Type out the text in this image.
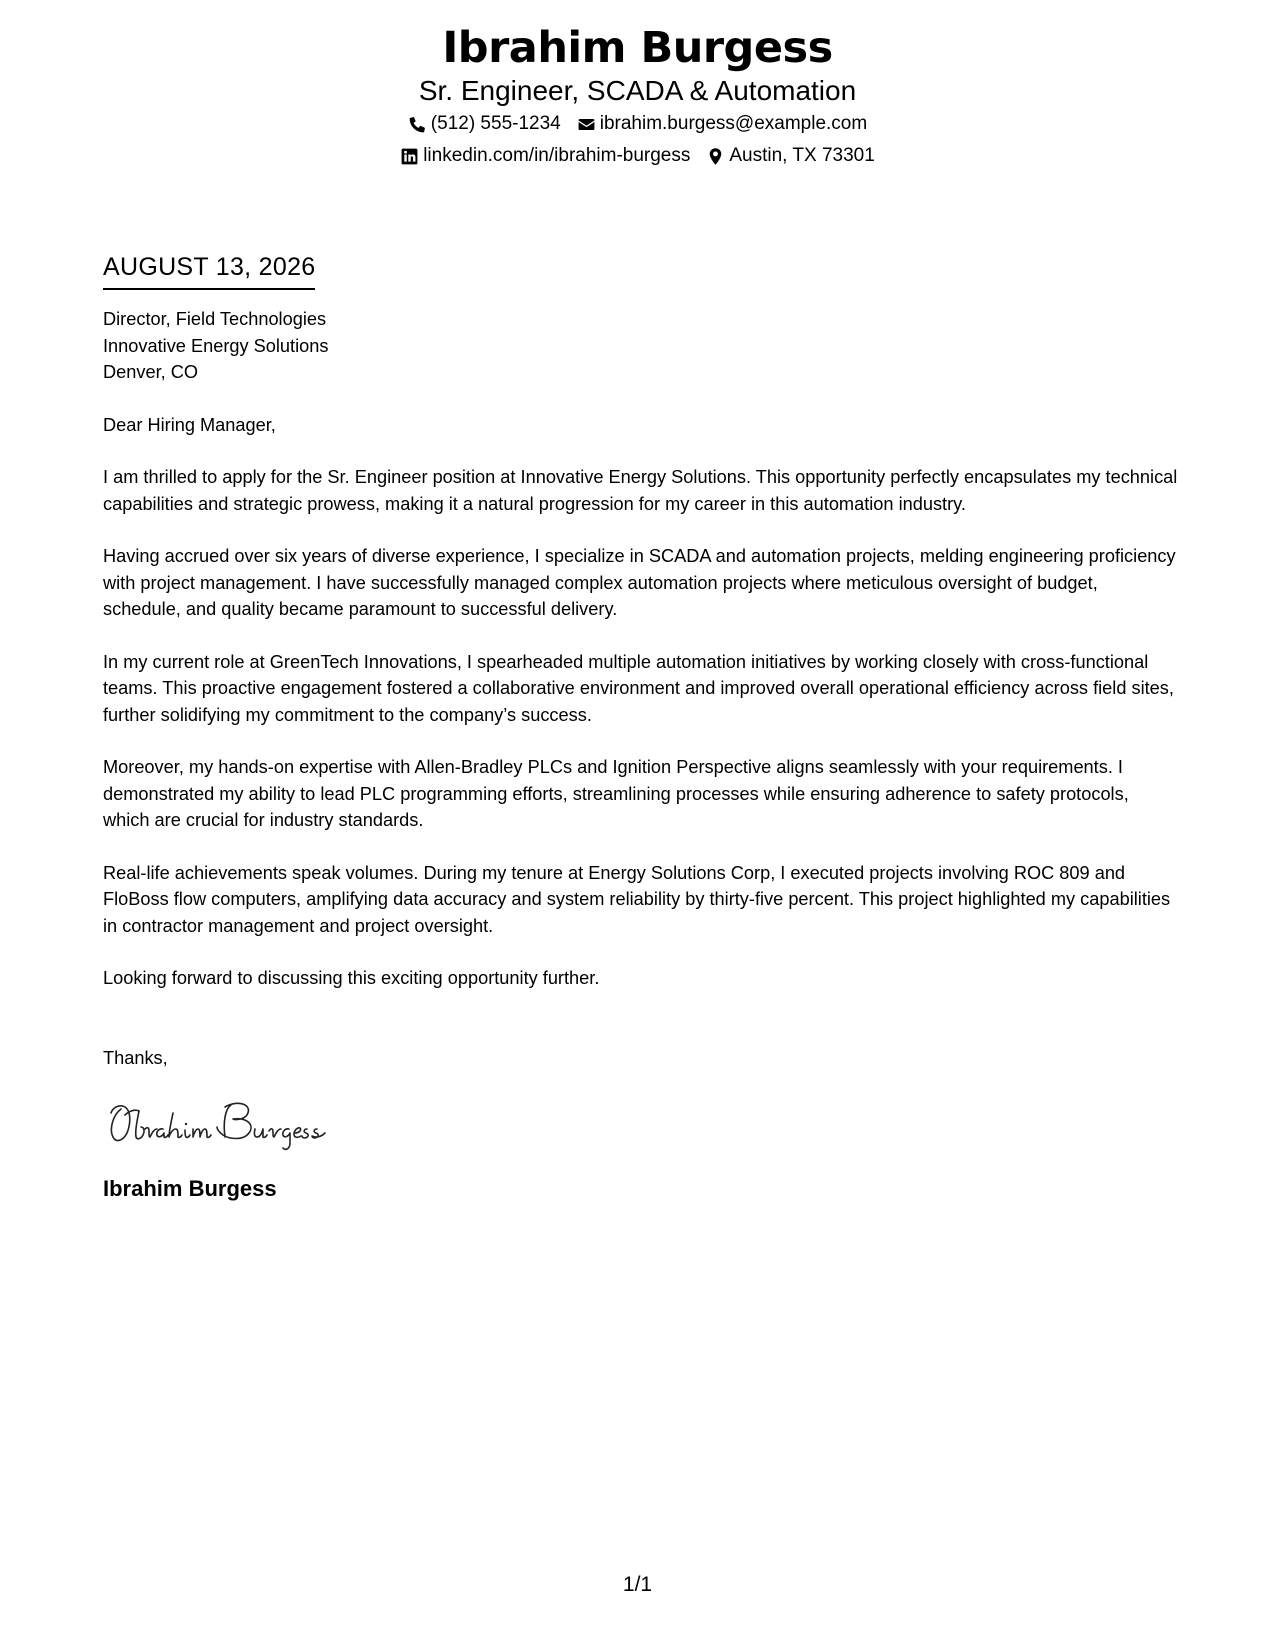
Ibrahim Burgess
Sr. Engineer, SCADA & Automation
(512) 555-1234 ibrahim.burgess@example.com
linkedin.com/in/ibrahim-burgess Austin, TX 73301
AUGUST 13, 2026
Director, Field Technologies
Innovative Energy Solutions
Denver, CO
Dear Hiring Manager,
I am thrilled to apply for the Sr. Engineer position at Innovative Energy Solutions. This opportunity perfectly encapsulates my technical capabilities and strategic prowess, making it a natural progression for my career in this automation industry.
Having accrued over six years of diverse experience, I specialize in SCADA and automation projects, melding engineering proficiency with project management. I have successfully managed complex automation projects where meticulous oversight of budget, schedule, and quality became paramount to successful delivery.
In my current role at GreenTech Innovations, I spearheaded multiple automation initiatives by working closely with cross-functional teams. This proactive engagement fostered a collaborative environment and improved overall operational efficiency across field sites, further solidifying my commitment to the company’s success.
Moreover, my hands-on expertise with Allen-Bradley PLCs and Ignition Perspective aligns seamlessly with your requirements. I demonstrated my ability to lead PLC programming efforts, streamlining processes while ensuring adherence to safety protocols, which are crucial for industry standards.
Real-life achievements speak volumes. During my tenure at Energy Solutions Corp, I executed projects involving ROC 809 and FloBoss flow computers, amplifying data accuracy and system reliability by thirty-five percent. This project highlighted my capabilities in contractor management and project oversight.
Looking forward to discussing this exciting opportunity further.
Thanks,
Ibrahim Burgess
1/1
